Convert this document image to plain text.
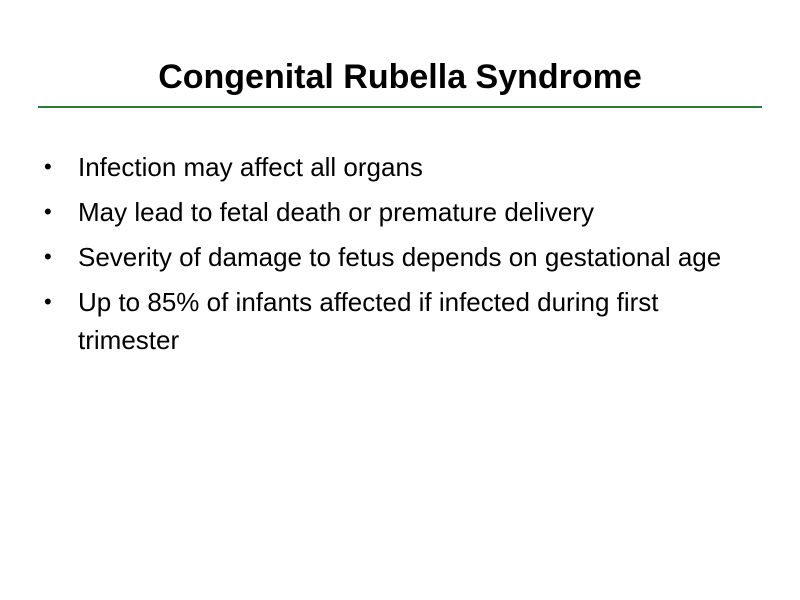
Congenital Rubella Syndrome
• Infection may affect all organs
• May lead to fetal death or premature delivery
• Severity of damage to fetus depends on gestational age
• Up to 85% of infants affected if infected during first trimester
